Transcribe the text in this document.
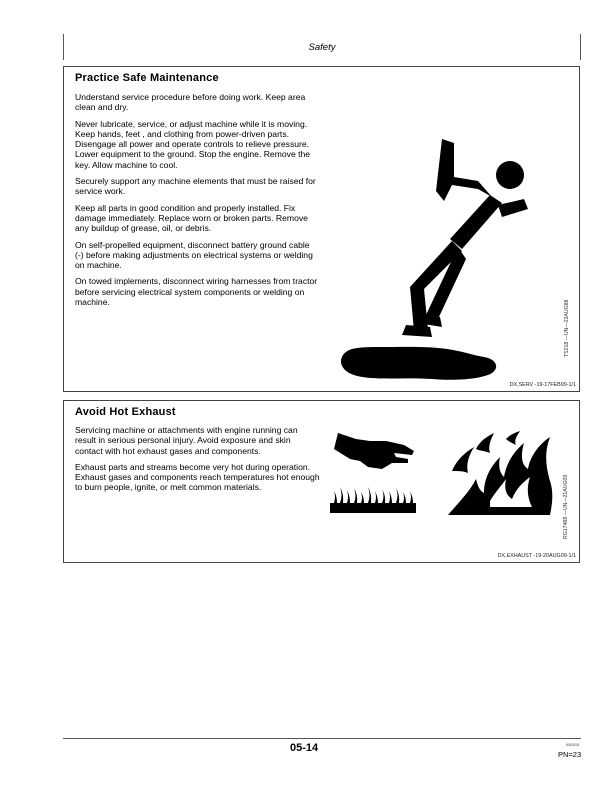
Safety
Practice Safe Maintenance

Understand service procedure before doing work. Keep area clean and dry.

Never lubricate, service, or adjust machine while it is moving. Keep hands, feet , and clothing from power-driven parts. Disengage all power and operate controls to relieve pressure. Lower equipment to the ground. Stop the engine. Remove the key. Allow machine to cool.

Securely support any machine elements that must be raised for service work.

Keep all parts in good condition and properly installed. Fix damage immediately. Replace worn or broken parts. Remove any buildup of grease, oil, or debris.

On self-propelled equipment, disconnect battery ground cable (-) before making adjustments on electrical systems or welding on machine.

On towed implements, disconnect wiring harnesses from tractor before servicing electrical system components or welding on machine.	TS218 —UN—23AUG88
DX,SERV -19-17FEB99-1/1
Avoid Hot Exhaust

Servicing machine or attachments with engine running can result in serious personal injury. Avoid exposure and skin contact with hot exhaust gases and components.

Exhaust parts and streams become very hot during operation. Exhaust gases and components reach temperatures hot enough to burn people, ignite, or melt common materials.	RG17488 —UN—21AUG09
DX,EXHAUST -19-20AUG09-1/1
05-14	050515
PN=23
